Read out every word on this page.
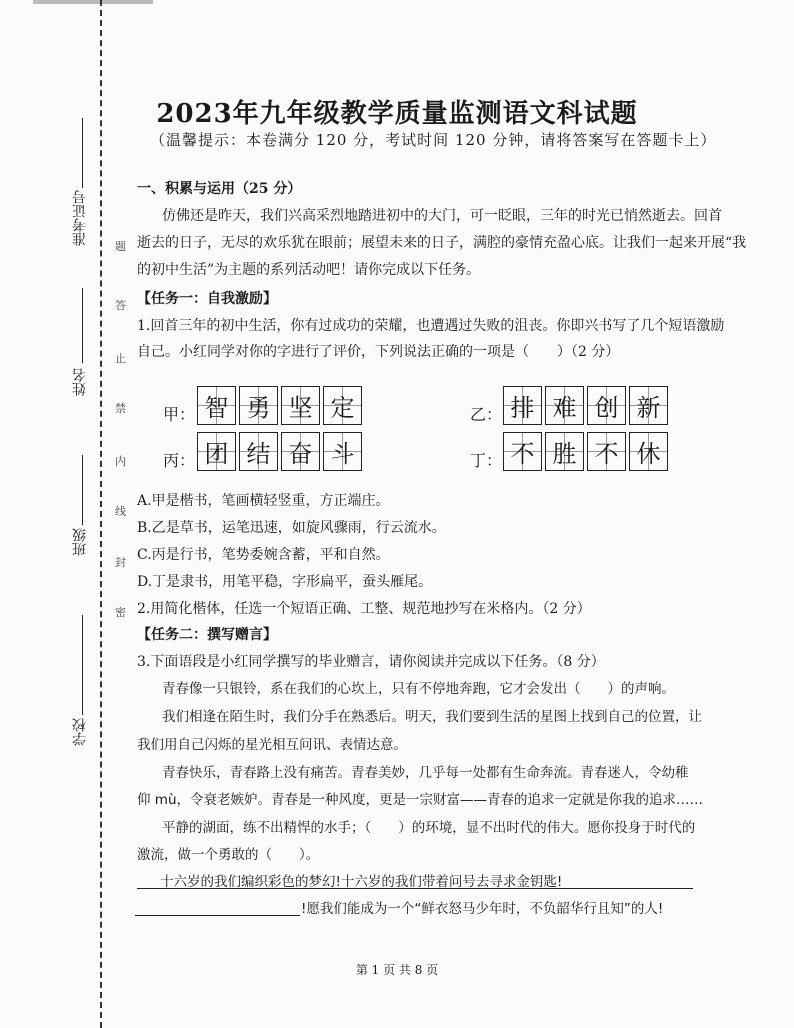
准考证号
姓名
班级
学校
题
答
止
禁
内
线
封
密
2023年九年级教学质量监测语文科试题
（温馨提示：本卷满分 120 分，考试时间 120 分钟，请将答案写在答题卡上）
一、积累与运用（25 分）
仿佛还是昨天，我们兴高采烈地踏进初中的大门，可一眨眼，三年的时光已悄然逝去。回首
逝去的日子，无尽的欢乐犹在眼前；展望未来的日子，满腔的豪情充盈心底。让我们一起来开展“我
的初中生活”为主题的系列活动吧！请你完成以下任务。
【任务一：自我激励】
1.回首三年的初中生活，你有过成功的荣耀，也遭遇过失败的沮丧。你即兴书写了几个短语激励
自己。小红同学对你的字进行了评价，下列说法正确的一项是（　　）（2 分）
甲： 智 勇 坚 定	乙： 排 难 创 新
丙： 团 结 奋 斗	丁： 不 胜 不 休
A.甲是楷书，笔画横轻竖重，方正端庄。
B.乙是草书，运笔迅速，如旋风骤雨，行云流水。
C.丙是行书，笔势委婉含蓄，平和自然。
D.丁是隶书，用笔平稳，字形扁平，蚕头雁尾。
2.用简化楷体，任选一个短语正确、工整、规范地抄写在米格内。（2 分）
【任务二：撰写赠言】
3.下面语段是小红同学撰写的毕业赠言，请你阅读并完成以下任务。（8 分）
青春像一只银铃，系在我们的心坎上，只有不停地奔跑，它才会发出（　　）的声响。
我们相逢在陌生时，我们分手在熟悉后。明天，我们要到生活的星图上找到自己的位置，让
我们用自己闪烁的星光相互问讯、表情达意。
青春快乐，青春路上没有痛苦。青春美妙，几乎每一处都有生命奔流。青春迷人，令幼稚
仰 mù，令衰老嫉妒。青春是一种风度，更是一宗财富——青春的追求一定就是你我的追求……
平静的湖面，练不出精悍的水手；（　　）的环境，显不出时代的伟大。愿你投身于时代的
激流，做一个勇敢的（　　）。
十六岁的我们编织彩色的梦幻!十六岁的我们带着问号去寻求金钥匙!
!愿我们能成为一个“鲜衣怒马少年时，不负韶华行且知”的人!
第 1 页 共 8 页
